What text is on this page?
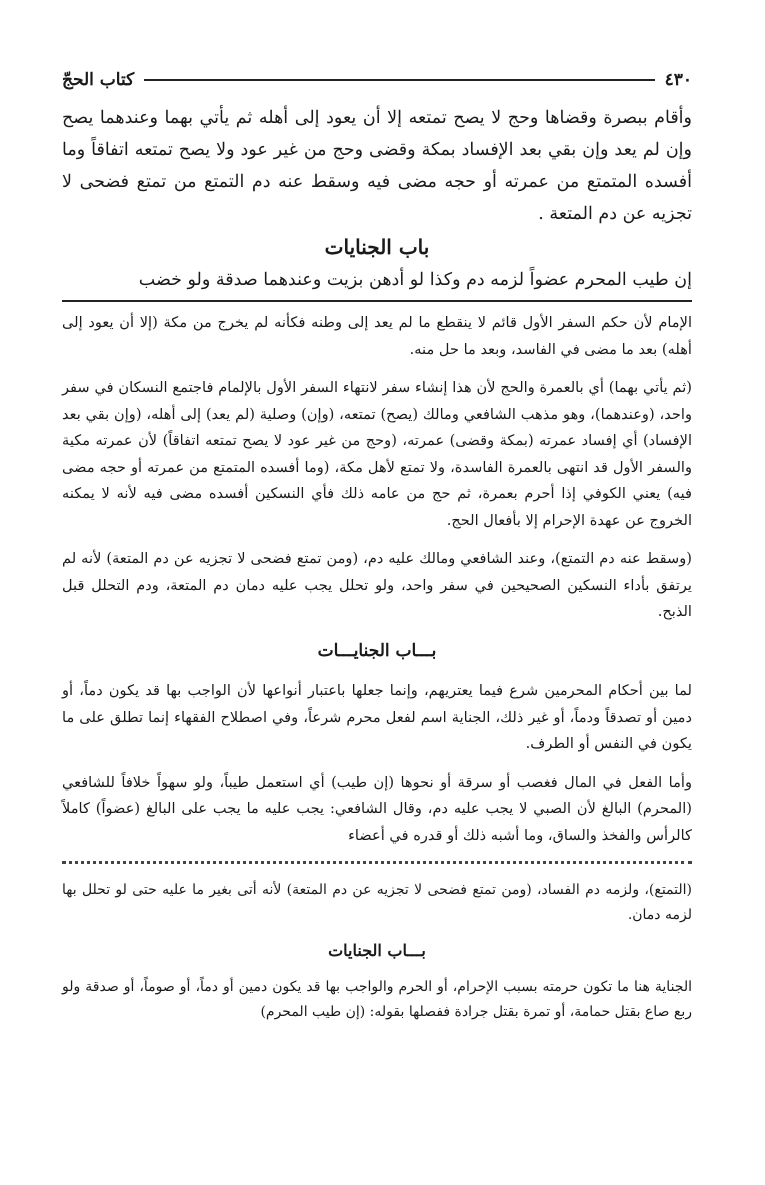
٤٣٠
كتاب الحجّ

وأقام ببصرة وقضاها وحج لا يصح تمتعه إلا أن يعود إلى أهله ثم يأتي بهما وعندهما يصح وإن لم يعد وإن بقي بعد الإفساد بمكة وقضى وحج من غير عود ولا يصح تمتعه اتفاقاً وما أفسده المتمتع من عمرته أو حجه مضى فيه وسقط عنه دم التمتع من تمتع فضحى لا تجزيه عن دم المتعة .

باب الجنايات

إن طيب المحرم عضواً لزمه دم وكذا لو أدهن بزيت وعندهما صدقة ولو خضب

الإمام لأن حكم السفر الأول قائم لا ينقطع ما لم يعد إلى وطنه فكأنه لم يخرج من مكة (إلا أن يعود إلى أهله) بعد ما مضى في الفاسد، وبعد ما حل منه.

(ثم يأتي بهما) أي بالعمرة والحج لأن هذا إنشاء سفر لانتهاء السفر الأول بالإلمام فاجتمع النسكان في سفر واحد، (وعندهما)، وهو مذهب الشافعي ومالك (يصح) تمتعه، (وإن) وصلية (لم يعد) إلى أهله، (وإن بقي بعد الإفساد) أي إفساد عمرته (بمكة وقضى) عمرته، (وحج من غير عود لا يصح تمتعه اتفاقاً) لأن عمرته مكية والسفر الأول قد انتهى بالعمرة الفاسدة، ولا تمتع لأهل مكة، (وما أفسده المتمتع من عمرته أو حجه مضى فيه) يعني الكوفي إذا أحرم بعمرة، ثم حج من عامه ذلك فأي النسكين أفسده مضى فيه لأنه لا يمكنه الخروج عن عهدة الإحرام إلا بأفعال الحج.

(وسقط عنه دم التمتع)، وعند الشافعي ومالك عليه دم، (ومن تمتع فضحى لا تجزيه عن دم المتعة) لأنه لم يرتفق بأداء النسكين الصحيحين في سفر واحد، ولو تحلل يجب عليه دمان دم المتعة، ودم التحلل قبل الذبح.

بـــاب الجنايـــات

لما بين أحكام المحرمين شرع فيما يعتريهم، وإنما جعلها باعتبار أنواعها لأن الواجب بها قد يكون دماً، أو دمين أو تصدقاً ودماً، أو غير ذلك، الجناية اسم لفعل محرم شرعاً، وفي اصطلاح الفقهاء إنما تطلق على ما يكون في النفس أو الطرف.

وأما الفعل في المال فغصب أو سرقة أو نحوها (إن طيب) أي استعمل طيباً، ولو سهواً خلافاً للشافعي (المحرم) البالغ لأن الصبي لا يجب عليه دم، وقال الشافعي: يجب عليه ما يجب على البالغ (عضواً) كاملاً كالرأس والفخذ والساق، وما أشبه ذلك أو قدره في أعضاء

(التمتع)، ولزمه دم الفساد، (ومن تمتع فضحى لا تجزيه عن دم المتعة) لأنه أتى بغير ما عليه حتى لو تحلل بها لزمه دمان.

بـــاب الجنايات

الجناية هنا ما تكون حرمته بسبب الإحرام، أو الحرم والواجب بها قد يكون دمين أو دماً، أو صوماً، أو صدقة ولو ربع صاع بقتل حمامة، أو تمرة بقتل جرادة ففصلها بقوله: (إن طيب المحرم)
